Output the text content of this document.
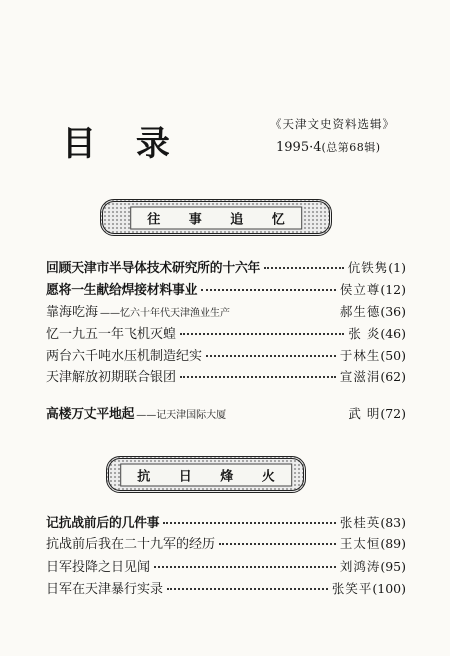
目 录	《天津文史资料选辑》
1995·4(总第68辑)
往 事 追 忆
回顾天津市半导体技术研究所的十六年	伉铁隽 (1)
愿将一生献给焊接材料事业	侯立尊 (12)
靠海吃海 ——忆六十年代天津渔业生产	郝生德 (36)
忆一九五一年飞机灭蝗	张 炎 (46)
两台六千吨水压机制造纪实	于林生 (50)
天津解放初期联合银团	宣滋涓 (62)
高楼万丈平地起 ——记天津国际大厦	武 明 (72)
抗 日 烽 火
记抗战前后的几件事	张桂英 (83)
抗战前后我在二十九军的经历	王太恒 (89)
日军投降之日见闻	刘鸿涛 (95)
日军在天津暴行实录	张笑平 (100)
